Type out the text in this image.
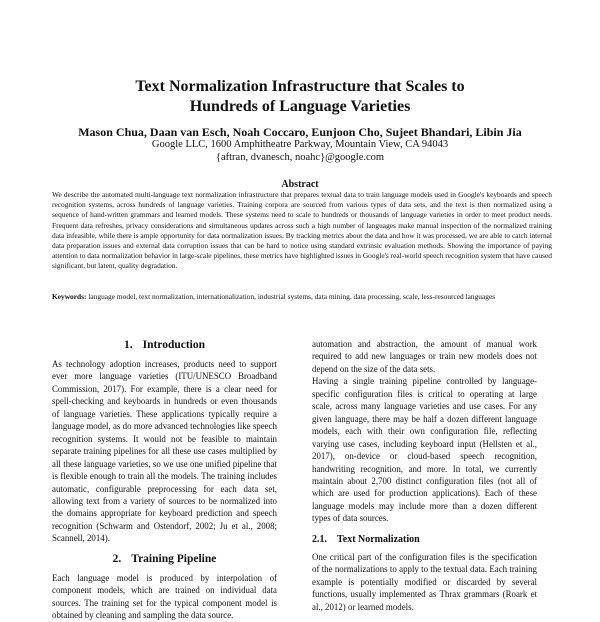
Text Normalization Infrastructure that Scales to
Hundreds of Language Varieties
Mason Chua, Daan van Esch, Noah Coccaro, Eunjoon Cho, Sujeet Bhandari, Libin Jia
Google LLC, 1600 Amphitheatre Parkway, Mountain View, CA 94043
{aftran, dvanesch, noahc}@google.com
Abstract

We describe the automated multi-language text normalization infrastructure that prepares textual data to train language models used in Google's keyboards and speech recognition systems, across hundreds of language varieties. Training corpora are sourced from various types of data sets, and the text is then normalized using a sequence of hand-written grammars and learned models. These systems need to scale to hundreds or thousands of language varieties in order to meet product needs. Frequent data refreshes, privacy considerations and simultaneous updates across such a high number of languages make manual inspection of the normalized training data infeasible, while there is ample opportunity for data normalization issues. By tracking metrics about the data and how it was processed, we are able to catch internal data preparation issues and external data corruption issues that can be hard to notice using standard extrinsic evaluation methods. Showing the importance of paying attention to data normalization behavior in large-scale pipelines, these metrics have highlighted issues in Google's real-world speech recognition system that have caused significant, but latent, quality degradation.

Keywords: language model, text normalization, internationalization, industrial systems, data mining, data processing, scale, less-resourced languages

1. Introduction

As technology adoption increases, products need to support ever more language varieties (ITU/UNESCO Broadband Commission, 2017). For example, there is a clear need for spell-checking and keyboards in hundreds or even thousands of language varieties. These applications typically require a language model, as do more advanced technologies like speech recognition systems. It would not be feasible to maintain separate training pipelines for all these use cases multiplied by all these language varieties, so we use one unified pipeline that is flexible enough to train all the models. The training includes automatic, configurable preprocessing for each data set, allowing text from a variety of sources to be normalized into the domains appropriate for keyboard prediction and speech recognition (Schwarm and Ostendorf, 2002; Ju et al., 2008; Scannell, 2014).

2. Training Pipeline

Each language model is produced by interpolation of component models, which are trained on individual data sources. The training set for the typical component model is obtained by cleaning and sampling the data source.

automation and abstraction, the amount of manual work required to add new languages or train new models does not depend on the size of the data sets.

Having a single training pipeline controlled by language-specific configuration files is critical to operating at large scale, across many language varieties and use cases. For any given language, there may be half a dozen different language models, each with their own configuration file, reflecting varying use cases, including keyboard input (Hellsten et al., 2017), on-device or cloud-based speech recognition, handwriting recognition, and more. In total, we currently maintain about 2,700 distinct configuration files (not all of which are used for production applications). Each of these language models may include more than a dozen different types of data sources.

2.1. Text Normalization

One critical part of the configuration files is the specification of the normalizations to apply to the textual data. Each training example is potentially modified or discarded by several functions, usually implemented as Thrax grammars (Roark et al., 2012) or learned models.
